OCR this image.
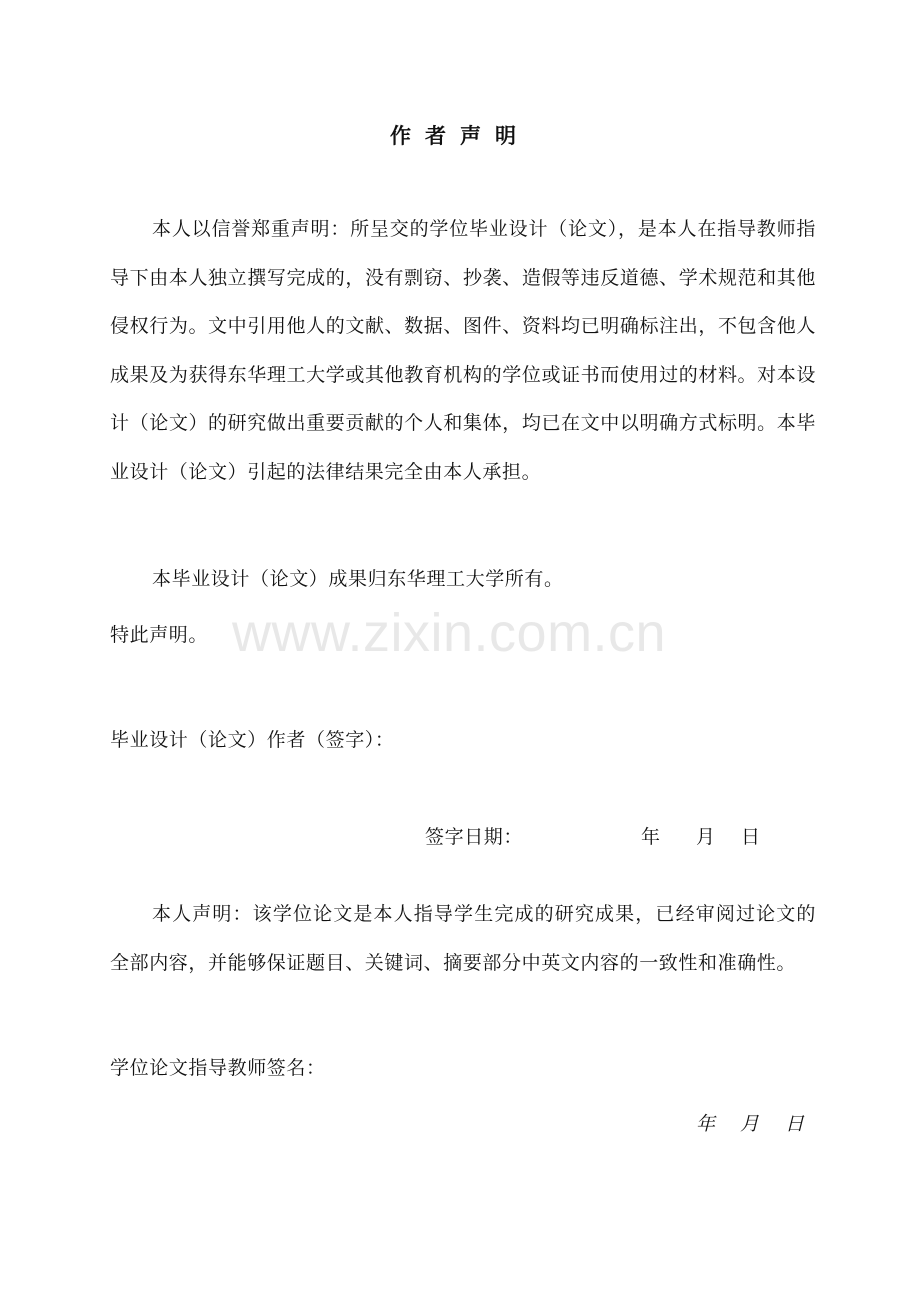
作者声明
本人以信誉郑重声明：所呈交的学位毕业设计（论文），是本人在指导教师指导下由本人独立撰写完成的，没有剽窃、抄袭、造假等违反道德、学术规范和其他侵权行为。文中引用他人的文献、数据、图件、资料均已明确标注出，不包含他人成果及为获得东华理工大学或其他教育机构的学位或证书而使用过的材料。对本设计（论文）的研究做出重要贡献的个人和集体，均已在文中以明确方式标明。本毕业设计（论文）引起的法律结果完全由本人承担。
本毕业设计（论文）成果归东华理工大学所有。
特此声明。 www.zixin.com.cn
毕业设计（论文）作者（签字）：
签字日期：	年 月 日
本人声明：该学位论文是本人指导学生完成的研究成果，已经审阅过论文的全部内容，并能够保证题目、关键词、摘要部分中英文内容的一致性和准确性。
学位论文指导教师签名：
年 月 日
